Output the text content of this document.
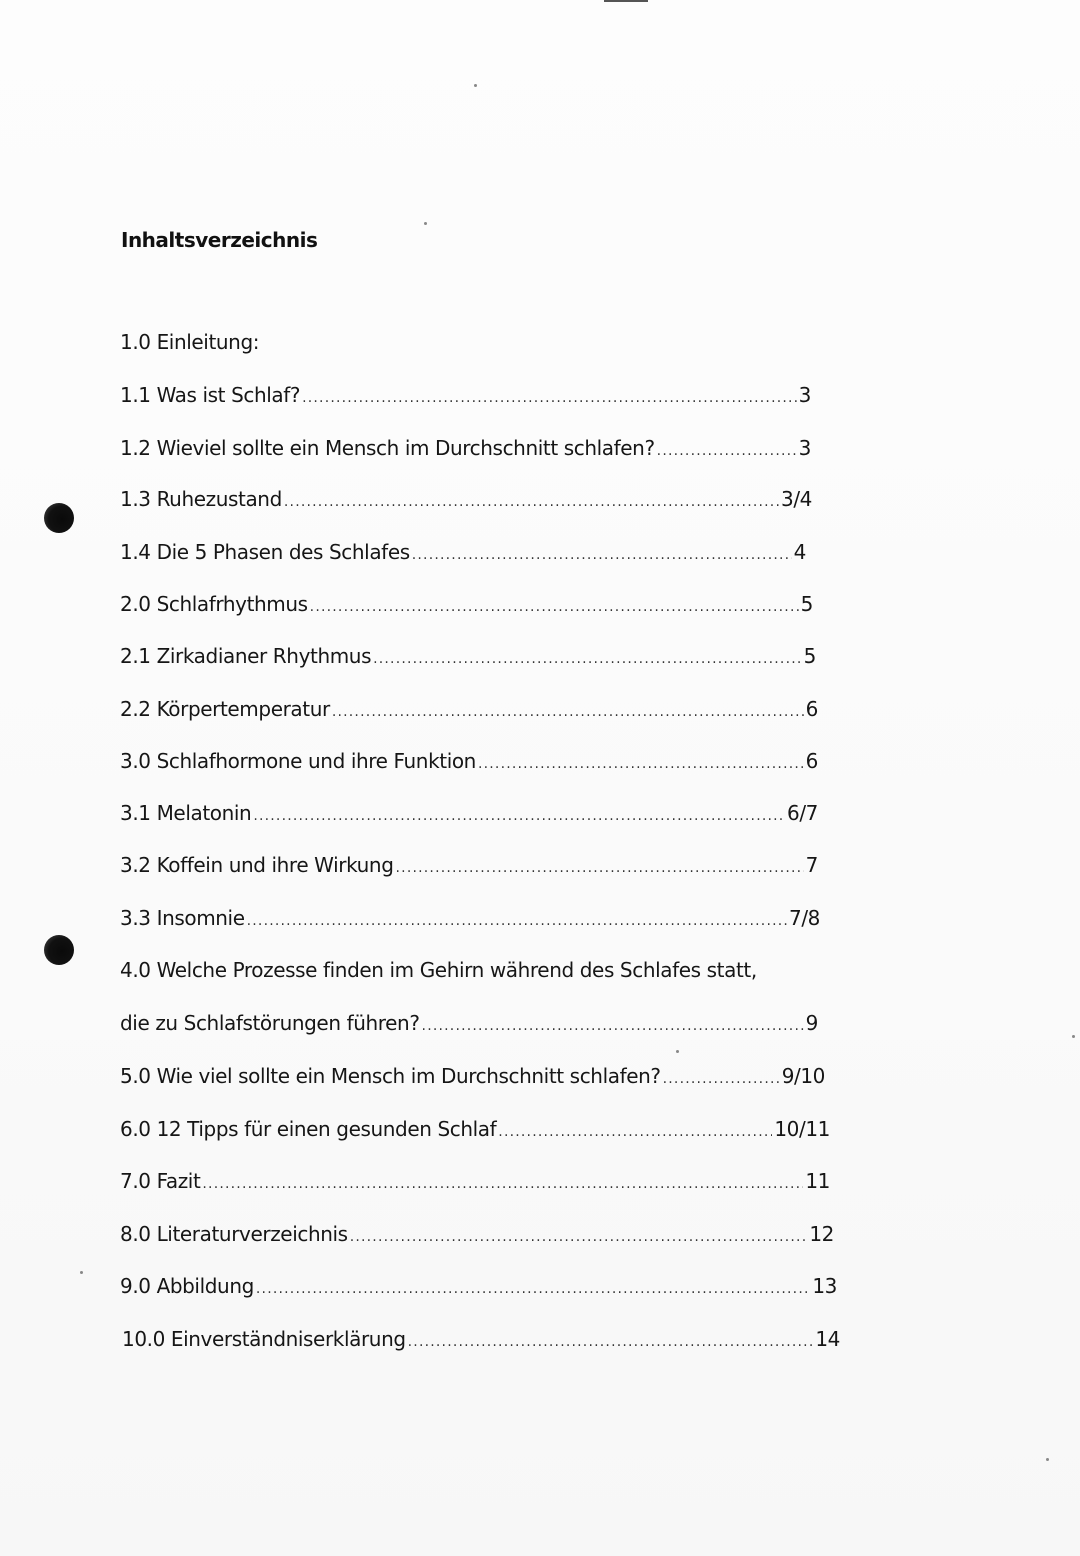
Inhaltsverzeichnis
1.0 Einleitung:
1.1 Was ist Schlaf? .....	3
1.2 Wieviel sollte ein Mensch im Durchschnitt schlafen? .....	3
1.3 Ruhezustand .....	3/4
1.4 Die 5 Phasen des Schlafes .....	4
2.0 Schlafrhythmus .....	5
2.1 Zirkadianer Rhythmus .....	5
2.2 Körpertemperatur .....	6
3.0 Schlafhormone und ihre Funktion .....	6
3.1 Melatonin .....	6/7
3.2 Koffein und ihre Wirkung .....	7
3.3 Insomnie .....	7/8
4.0 Welche Prozesse finden im Gehirn während des Schlafes statt,
die zu Schlafstörungen führen? .....	9
5.0 Wie viel sollte ein Mensch im Durchschnitt schlafen? .....	9/10
6.0 12 Tipps für einen gesunden Schlaf .....	10/11
7.0 Fazit .....	11
8.0 Literaturverzeichnis .....	12
9.0 Abbildung .....	13
10.0 Einverständniserklärung .....	14
